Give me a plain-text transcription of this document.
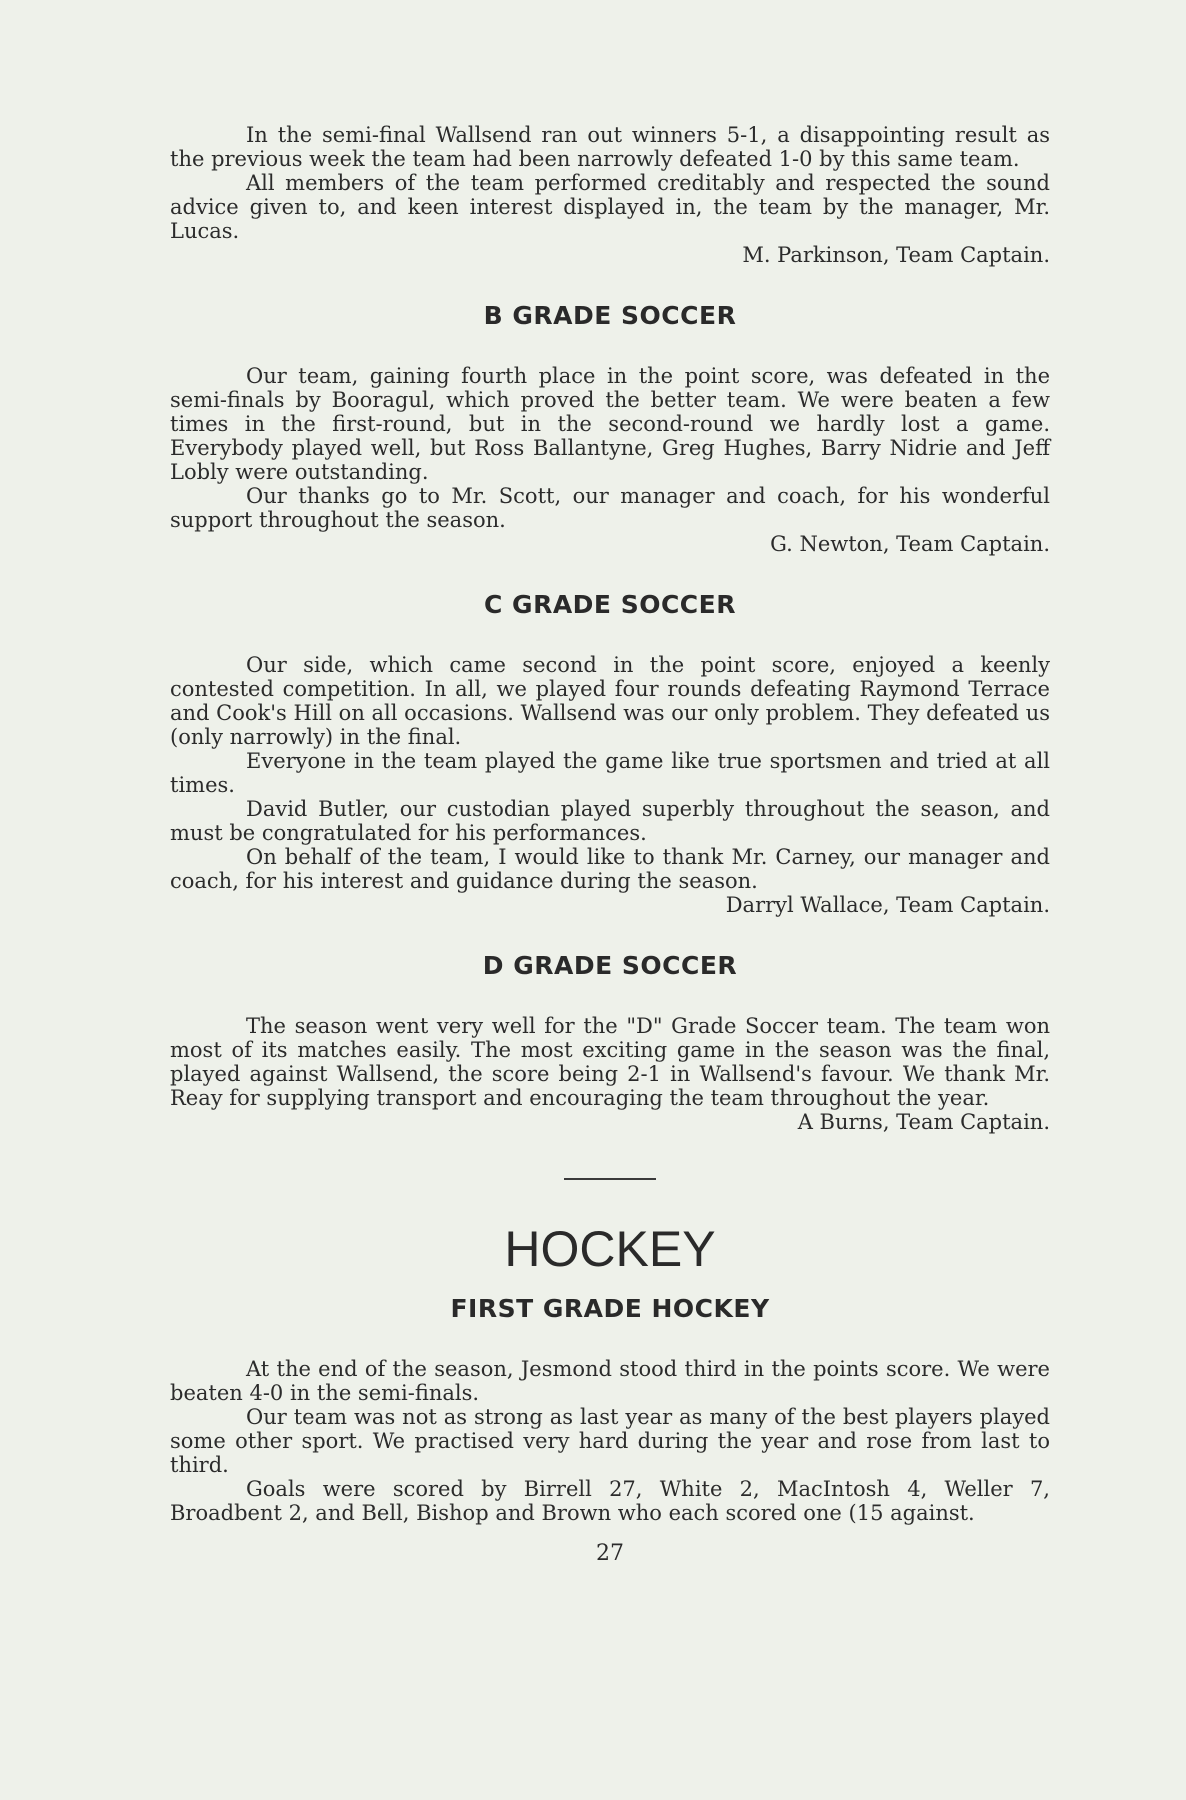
In the semi-final Wallsend ran out winners 5-1, a disappointing result as the previous week the team had been narrowly defeated 1-0 by this same team.

All members of the team performed creditably and respected the sound advice given to, and keen interest displayed in, the team by the manager, Mr. Lucas.

M. Parkinson, Team Captain.
B GRADE SOCCER

Our team, gaining fourth place in the point score, was defeated in the semi-finals by Booragul, which proved the better team. We were beaten a few times in the first-round, but in the second-round we hardly lost a game. Everybody played well, but Ross Ballantyne, Greg Hughes, Barry Nidrie and Jeff Lobly were outstanding.

Our thanks go to Mr. Scott, our manager and coach, for his wonderful support throughout the season.

G. Newton, Team Captain.
C GRADE SOCCER

Our side, which came second in the point score, enjoyed a keenly contested competition. In all, we played four rounds defeating Raymond Terrace and Cook's Hill on all occasions. Wallsend was our only problem. They defeated us (only narrowly) in the final.

Everyone in the team played the game like true sportsmen and tried at all times.

David Butler, our custodian played superbly throughout the season, and must be congratulated for his performances.

On behalf of the team, I would like to thank Mr. Carney, our manager and coach, for his interest and guidance during the season.

Darryl Wallace, Team Captain.
D GRADE SOCCER

The season went very well for the "D" Grade Soccer team. The team won most of its matches easily. The most exciting game in the season was the final, played against Wallsend, the score being 2-1 in Wallsend's favour. We thank Mr. Reay for supplying transport and encouraging the team throughout the year.

A Burns, Team Captain.
HOCKEY
FIRST GRADE HOCKEY

At the end of the season, Jesmond stood third in the points score. We were beaten 4-0 in the semi-finals.

Our team was not as strong as last year as many of the best players played some other sport. We practised very hard during the year and rose from last to third.

Goals were scored by Birrell 27, White 2, MacIntosh 4, Weller 7, Broadbent 2, and Bell, Bishop and Brown who each scored one (15 against.

27
